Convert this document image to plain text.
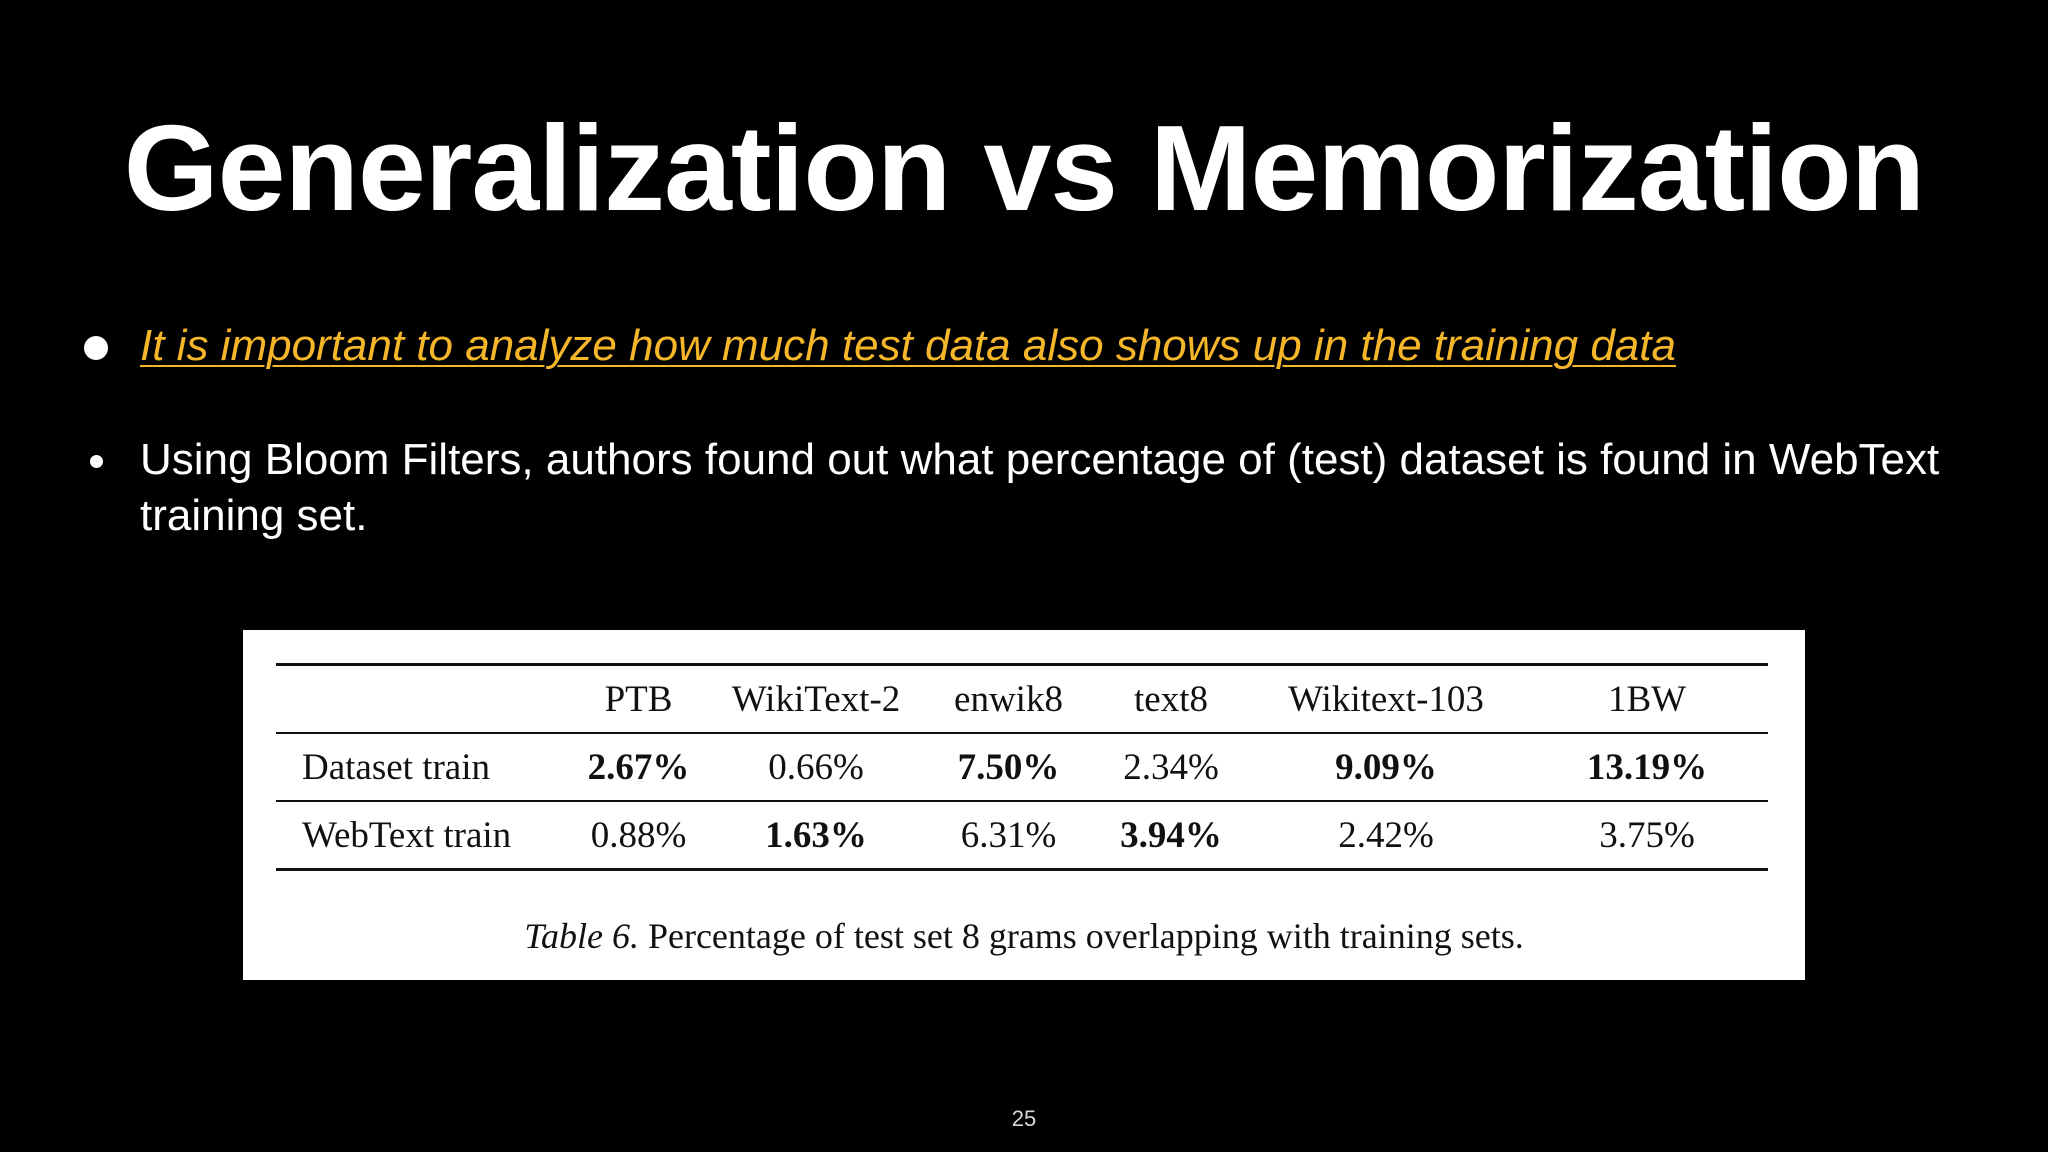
Generalization vs Memorization
It is important to analyze how much test data also shows up in the training data
Using Bloom Filters, authors found out what percentage of (test) dataset is found in WebText training set.
	PTB	WikiText-2	enwik8	text8	Wikitext-103	1BW
Dataset train	2.67%	0.66%	7.50%	2.34%	9.09%	13.19%
WebText train	0.88%	1.63%	6.31%	3.94%	2.42%	3.75%
Table 6. Percentage of test set 8 grams overlapping with training sets.
25
